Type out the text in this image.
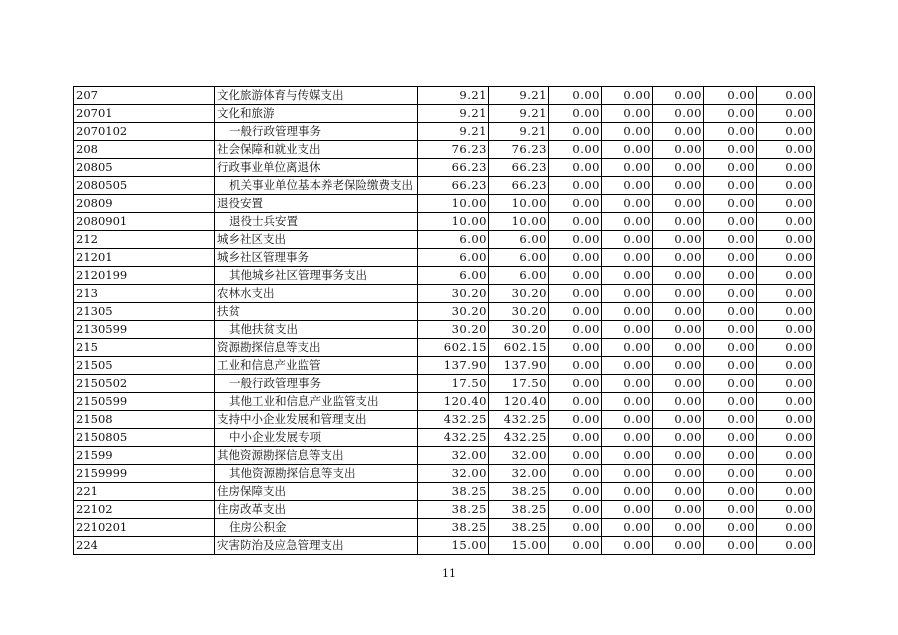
207	文化旅游体育与传媒支出	9.21	9.21	0.00	0.00	0.00	0.00	0.00
20701	文化和旅游	9.21	9.21	0.00	0.00	0.00	0.00	0.00
2070102	一般行政管理事务	9.21	9.21	0.00	0.00	0.00	0.00	0.00
208	社会保障和就业支出	76.23	76.23	0.00	0.00	0.00	0.00	0.00
20805	行政事业单位离退休	66.23	66.23	0.00	0.00	0.00	0.00	0.00
2080505	机关事业单位基本养老保险缴费支出	66.23	66.23	0.00	0.00	0.00	0.00	0.00
20809	退役安置	10.00	10.00	0.00	0.00	0.00	0.00	0.00
2080901	退役士兵安置	10.00	10.00	0.00	0.00	0.00	0.00	0.00
212	城乡社区支出	6.00	6.00	0.00	0.00	0.00	0.00	0.00
21201	城乡社区管理事务	6.00	6.00	0.00	0.00	0.00	0.00	0.00
2120199	其他城乡社区管理事务支出	6.00	6.00	0.00	0.00	0.00	0.00	0.00
213	农林水支出	30.20	30.20	0.00	0.00	0.00	0.00	0.00
21305	扶贫	30.20	30.20	0.00	0.00	0.00	0.00	0.00
2130599	其他扶贫支出	30.20	30.20	0.00	0.00	0.00	0.00	0.00
215	资源勘探信息等支出	602.15	602.15	0.00	0.00	0.00	0.00	0.00
21505	工业和信息产业监管	137.90	137.90	0.00	0.00	0.00	0.00	0.00
2150502	一般行政管理事务	17.50	17.50	0.00	0.00	0.00	0.00	0.00
2150599	其他工业和信息产业监管支出	120.40	120.40	0.00	0.00	0.00	0.00	0.00
21508	支持中小企业发展和管理支出	432.25	432.25	0.00	0.00	0.00	0.00	0.00
2150805	中小企业发展专项	432.25	432.25	0.00	0.00	0.00	0.00	0.00
21599	其他资源勘探信息等支出	32.00	32.00	0.00	0.00	0.00	0.00	0.00
2159999	其他资源勘探信息等支出	32.00	32.00	0.00	0.00	0.00	0.00	0.00
221	住房保障支出	38.25	38.25	0.00	0.00	0.00	0.00	0.00
22102	住房改革支出	38.25	38.25	0.00	0.00	0.00	0.00	0.00
2210201	住房公积金	38.25	38.25	0.00	0.00	0.00	0.00	0.00
224	灾害防治及应急管理支出	15.00	15.00	0.00	0.00	0.00	0.00	0.00
11
